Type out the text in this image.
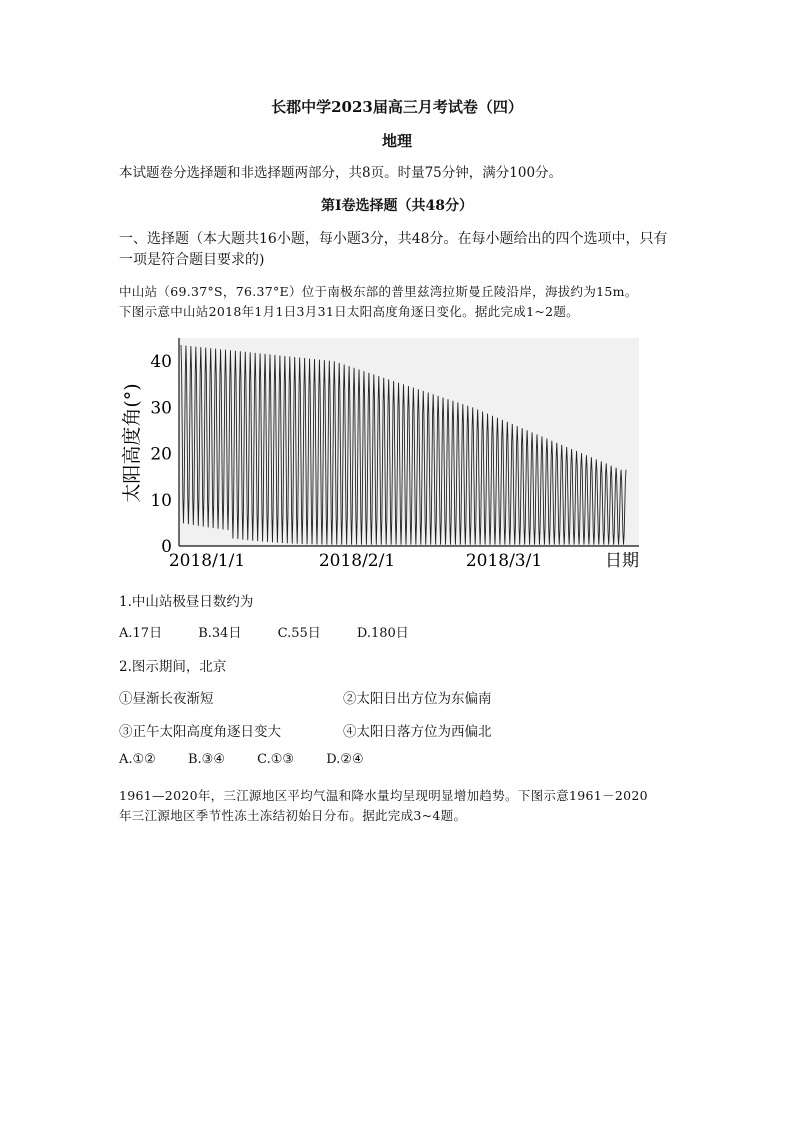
长郡中学2023届高三月考试卷（四）
地理
本试题卷分选择题和非选择题两部分，共8页。时量75分钟，满分100分。
第Ⅰ卷选择题（共48分）
一、选择题（本大题共16小题，每小题3分，共48分。在每小题给出的四个选项中，只有
一项是符合题目要求的)
中山站（69.37°S，76.37°E）位于南极东部的普里兹湾拉斯曼丘陵沿岸，海拔约为15m。
下图示意中山站2018年1月1日3月31日太阳高度角逐日变化。据此完成1~2题。
0
10
20
30
40
2018/1/1	2018/2/1	2018/3/1
太阳高度角(°)
日期
1.中山站极昼日数约为
A.17日	B.34日	C.55日	D.180日
2.图示期间，北京
①昼渐长夜渐短	②太阳日出方位为东偏南
③正午太阳高度角逐日变大	④太阳日落方位为西偏北
A.①② B.③④ C.①③ D.②④
1961—2020年，三江源地区平均气温和降水量均呈现明显增加趋势。下图示意1961－2020
年三江源地区季节性冻土冻结初始日分布。据此完成3~4题。
